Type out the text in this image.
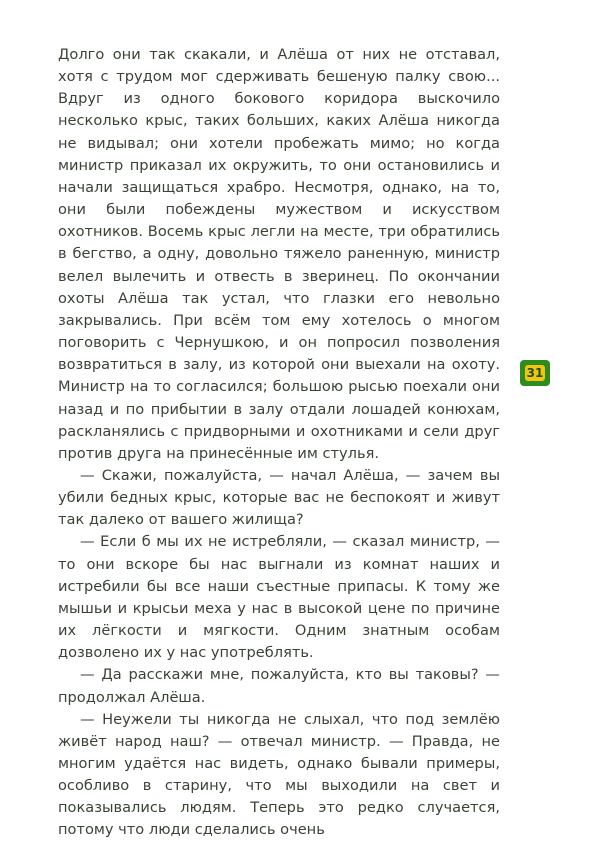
Долго они так скакали, и Алёша от них не отставал, хотя с трудом мог сдерживать бешеную палку свою... Вдруг из одного бокового коридора выскочило несколько крыс, таких больших, каких Алёша никогда не видывал; они хотели пробежать мимо; но когда министр приказал их окружить, то они остановились и начали защищаться храбро. Несмотря, однако, на то, они были побеждены мужеством и искусством охотников. Восемь крыс легли на месте, три обратились в бегство, а одну, довольно тяжело раненную, министр велел вылечить и отвесть в зверинец. По окончании охоты Алёша так устал, что глазки его невольно закрывались. При всём том ему хотелось о многом поговорить с Чернушкою, и он попросил позволения возвратиться в залу, из которой они выехали на охоту. Министр на то согласился; большою рысью поехали они назад и по прибытии в залу отдали лошадей конюхам, раскланялись с придворными и охотниками и сели друг против друга на принесённые им стулья.

— Скажи, пожалуйста, — начал Алёша, — зачем вы убили бедных крыс, которые вас не беспокоят и живут так далеко от вашего жилища?

— Если б мы их не истребляли, — сказал министр, — то они вскоре бы нас выгнали из комнат наших и истребили бы все наши съестные припасы. К тому же мышьи и крысьи меха у нас в высокой цене по причине их лёгкости и мягкости. Одним знатным особам дозволено их у нас употреблять.

— Да расскажи мне, пожалуйста, кто вы таковы? — продолжал Алёша.

— Неужели ты никогда не слыхал, что под землёю живёт народ наш? — отвечал министр. — Правда, не многим удаётся нас видеть, однако бывали примеры, особливо в старину, что мы выходили на свет и показывались людям. Теперь это редко случается, потому что люди сделались очень

31
